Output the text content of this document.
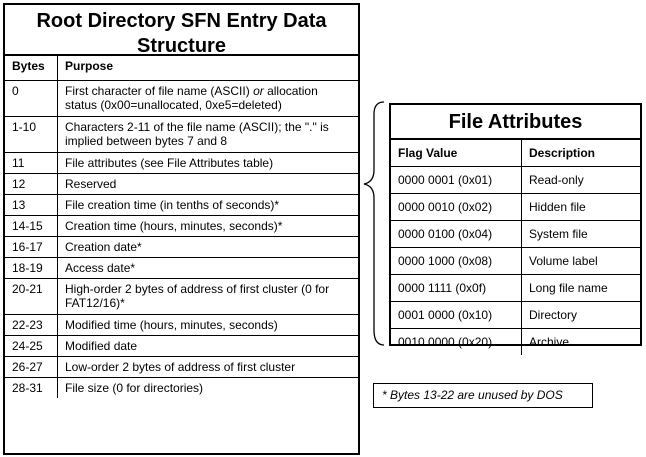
Root Directory SFN Entry Data Structure
Bytes	Purpose
0	First character of file name (ASCII) or allocation status (0x00=unallocated, 0xe5=deleted)
1-10	Characters 2-11 of the file name (ASCII); the "." is implied between bytes 7 and 8
11	File attributes (see File Attributes table)
12	Reserved
13	File creation time (in tenths of seconds)*
14-15	Creation time (hours, minutes, seconds)*
16-17	Creation date*
18-19	Access date*
20-21	High-order 2 bytes of address of first cluster (0 for FAT12/16)*
22-23	Modified time (hours, minutes, seconds)
24-25	Modified date
26-27	Low-order 2 bytes of address of first cluster
28-31	File size (0 for directories)
File Attributes
Flag Value	Description
0000 0001 (0x01)	Read-only
0000 0010 (0x02)	Hidden file
0000 0100 (0x04)	System file
0000 1000 (0x08)	Volume label
0000 1111 (0x0f)	Long file name
0001 0000 (0x10)	Directory
0010 0000 (0x20)	Archive
* Bytes 13-22 are unused by DOS
